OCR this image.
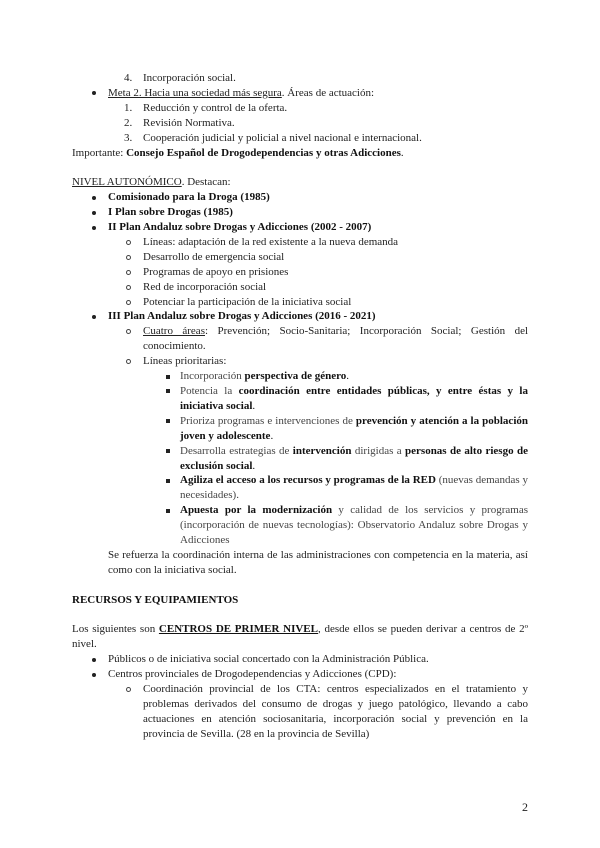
4. Incorporación social.
Meta 2. Hacia una sociedad más segura. Áreas de actuación:
1. Reducción y control de la oferta.
2. Revisión Normativa.
3. Cooperación judicial y policial a nivel nacional e internacional.
Importante: Consejo Español de Drogodependencias y otras Adicciones.
NIVEL AUTONÓMICO. Destacan:
Comisionado para la Droga (1985)
I Plan sobre Drogas (1985)
II Plan Andaluz sobre Drogas y Adicciones (2002 - 2007)
Líneas: adaptación de la red existente a la nueva demanda
Desarrollo de emergencia social
Programas de apoyo en prisiones
Red de incorporación social
Potenciar la participación de la iniciativa social
III Plan Andaluz sobre Drogas y Adicciones (2016 - 2021)
Cuatro áreas: Prevención; Socio-Sanitaria; Incorporación Social; Gestión del conocimiento.
Líneas prioritarias:
Incorporación perspectiva de género.
Potencia la coordinación entre entidades públicas, y entre éstas y la iniciativa social.
Prioriza programas e intervenciones de prevención y atención a la población joven y adolescente.
Desarrolla estrategias de intervención dirigidas a personas de alto riesgo de exclusión social.
Agiliza el acceso a los recursos y programas de la RED (nuevas demandas y necesidades).
Apuesta por la modernización y calidad de los servicios y programas (incorporación de nuevas tecnologías): Observatorio Andaluz sobre Drogas y Adicciones
Se refuerza la coordinación interna de las administraciones con competencia en la materia, así como con la iniciativa social.
RECURSOS Y EQUIPAMIENTOS
Los siguientes son CENTROS DE PRIMER NIVEL, desde ellos se pueden derivar a centros de 2º nivel.
Públicos o de iniciativa social concertado con la Administración Pública.
Centros provinciales de Drogodependencias y Adicciones (CPD):
Coordinación provincial de los CTA: centros especializados en el tratamiento y problemas derivados del consumo de drogas y juego patológico, llevando a cabo actuaciones en atención sociosanitaria, incorporación social y prevención en la provincia de Sevilla. (28 en la provincia de Sevilla)
2
